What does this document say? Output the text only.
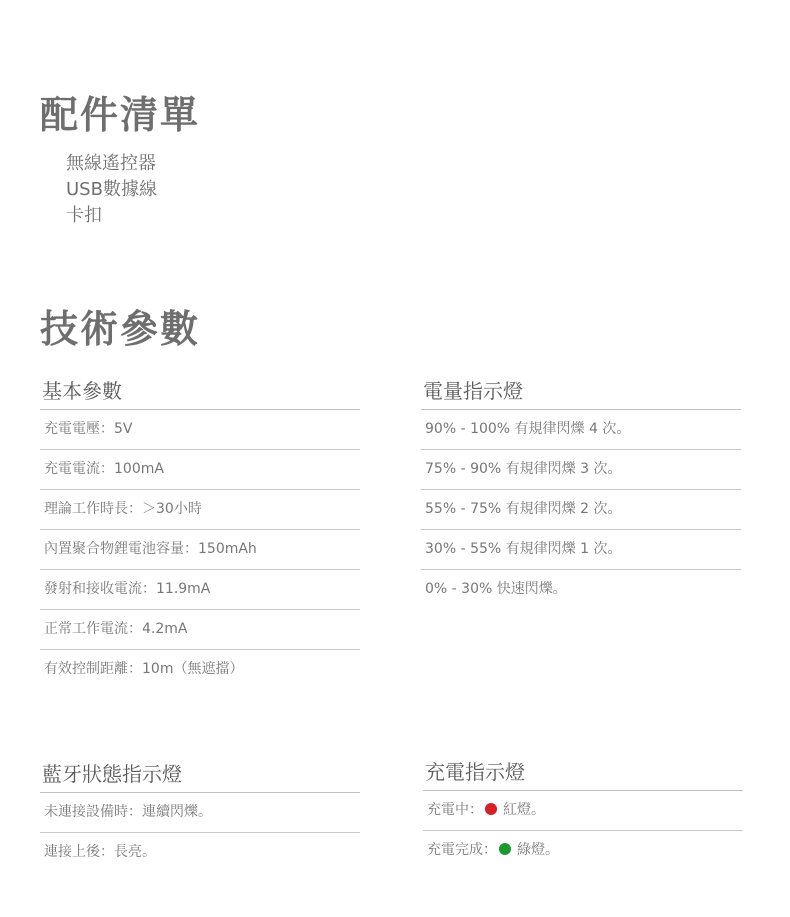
配件清單
無線遙控器
USB數據線
卡扣
技術參數
基本參數
充電電壓：5V
充電電流：100mA
理論工作時長：＞30小時
內置聚合物鋰電池容量：150mAh
發射和接收電流：11.9mA
正常工作電流：4.2mA
有效控制距離：10m（無遮擋）
電量指示燈
90% - 100% 有規律閃爍 4 次。
75% - 90% 有規律閃爍 3 次。
55% - 75% 有規律閃爍 2 次。
30% - 55% 有規律閃爍 1 次。
0% - 30% 快速閃爍。
藍牙狀態指示燈
未連接設備時：連續閃爍。
連接上後：長亮。
充電指示燈
充電中： 紅燈。
充電完成： 綠燈。
